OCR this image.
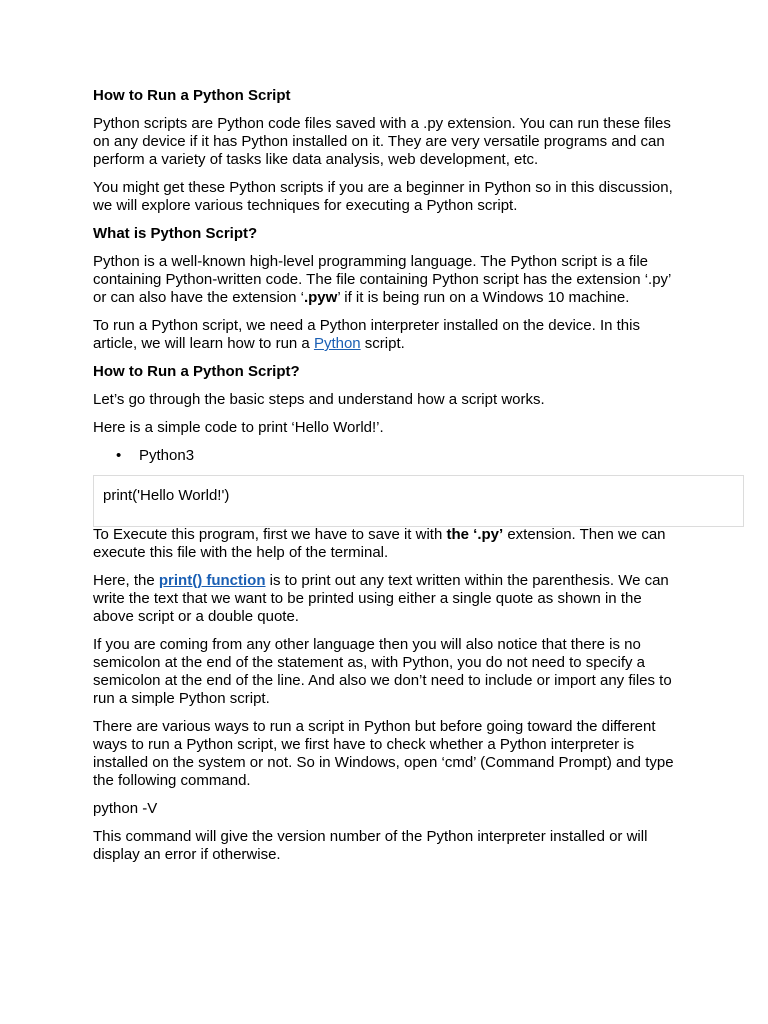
How to Run a Python Script

Python scripts are Python code files saved with a .py extension. You can run these files on any device if it has Python installed on it. They are very versatile programs and can perform a variety of tasks like data analysis, web development, etc.

You might get these Python scripts if you are a beginner in Python so in this discussion, we will explore various techniques for executing a Python script.

What is Python Script?

Python is a well-known high-level programming language. The Python script is a file containing Python-written code. The file containing Python script has the extension ‘.py’ or can also have the extension ‘.pyw’ if it is being run on a Windows 10 machine.

To run a Python script, we need a Python interpreter installed on the device. In this article, we will learn how to run a Python script.

How to Run a Python Script?

Let’s go through the basic steps and understand how a script works.

Here is a simple code to print ‘Hello World!’.

• Python3
print('Hello World!')

To Execute this program, first we have to save it with the ‘.py’ extension. Then we can execute this file with the help of the terminal.

Here, the print() function is to print out any text written within the parenthesis. We can write the text that we want to be printed using either a single quote as shown in the above script or a double quote.

If you are coming from any other language then you will also notice that there is no semicolon at the end of the statement as, with Python, you do not need to specify a semicolon at the end of the line. And also we don’t need to include or import any files to run a simple Python script.

There are various ways to run a script in Python but before going toward the different ways to run a Python script, we first have to check whether a Python interpreter is installed on the system or not. So in Windows, open ‘cmd’ (Command Prompt) and type the following command.

python -V

This command will give the version number of the Python interpreter installed or will display an error if otherwise.
